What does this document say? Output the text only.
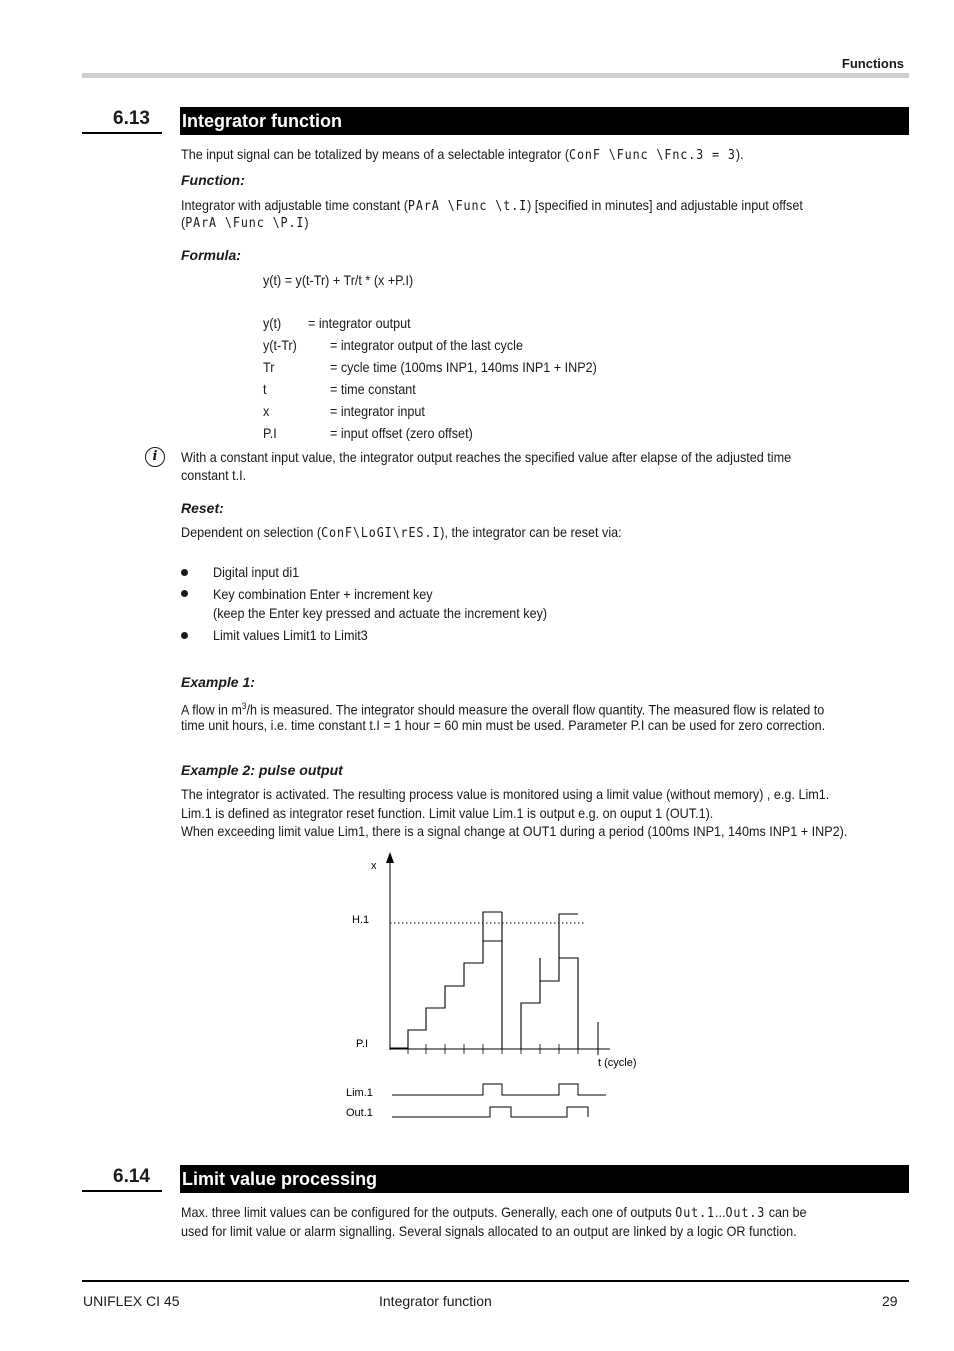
Functions
6.13 Integrator function
The input signal can be totalized by means of a selectable integrator (ConF \Func \Fnc.3 = 3).
Function:
Integrator with adjustable time constant (PArA \Func \t.I) [specified in minutes] and adjustable input offset
(PArA \Func \P.I)
Formula:
y(t) = y(t-Tr) + Tr/t * (x +P.I)
y(t)	= integrator output
y(t-Tr)	= integrator output of the last cycle
Tr	= cycle time (100ms INP1, 140ms INP1 + INP2)
t	= time constant
x	= integrator input
P.I	= input offset (zero offset)
i	With a constant input value, the integrator output reaches the specified value after elapse of the adjusted time
constant t.I.
Reset:
Dependent on selection (ConF\LoGI\rES.I), the integrator can be reset via:
Digital input di1
Key combination Enter + increment key
(keep the Enter key pressed and actuate the increment key)
Limit values Limit1 to Limit3
Example 1:
A flow in $m^3/h$ is measured. The integrator should measure the overall flow quantity. The measured flow is related to
time unit hours, i.e. time constant t.I = 1 hour = 60 min must be used. Parameter P.I can be used for zero correction.
Example 2: pulse output
The integrator is activated. The resulting process value is monitored using a limit value (without memory) , e.g. Lim1.
Lim.1 is defined as integrator reset function. Limit value Lim.1 is output e.g. on ouput 1 (OUT.1).
When exceeding limit value Lim1, there is a signal change at OUT1 during a period (100ms INP1, 140ms INP1 + INP2).
x
H.1
P.I
t (cycle)
Lim.1
Out.1
6.14 Limit value processing
Max. three limit values can be configured for the outputs. Generally, each one of outputs Out.1...Out.3 can be
used for limit value or alarm signalling. Several signals allocated to an output are linked by a logic OR function.
UNIFLEX CI 45	Integrator function	29
